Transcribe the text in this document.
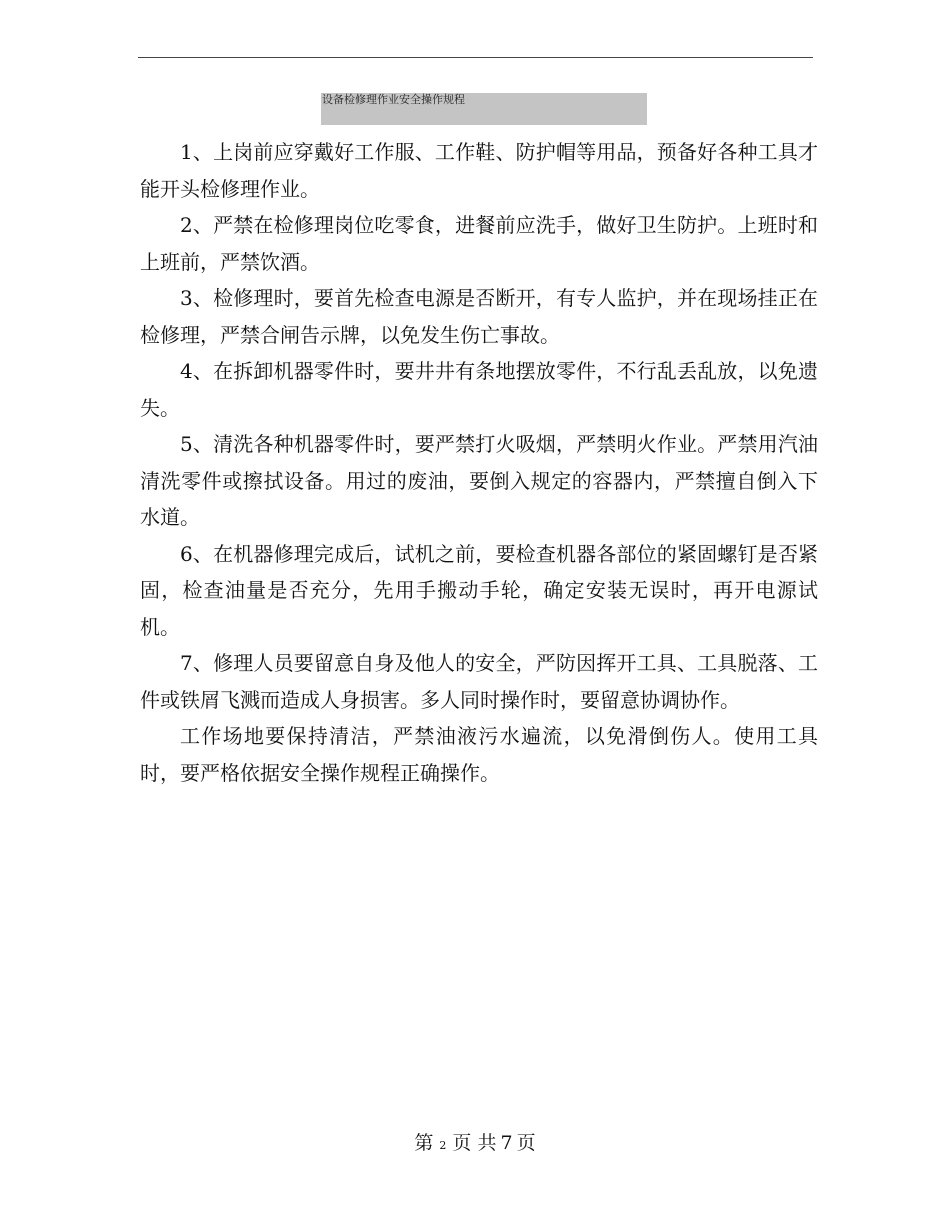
设备检修理作业安全操作规程

1、上岗前应穿戴好工作服、工作鞋、防护帽等用品，预备好各种工具才能开头检修理作业。

2、严禁在检修理岗位吃零食，进餐前应洗手，做好卫生防护。上班时和上班前，严禁饮酒。

3、检修理时，要首先检查电源是否断开，有专人监护，并在现场挂正在检修理，严禁合闸告示牌，以免发生伤亡事故。

4、在拆卸机器零件时，要井井有条地摆放零件，不行乱丢乱放，以免遗失。

5、清洗各种机器零件时，要严禁打火吸烟，严禁明火作业。严禁用汽油清洗零件或擦拭设备。用过的废油，要倒入规定的容器内，严禁擅自倒入下水道。

6、在机器修理完成后，试机之前，要检查机器各部位的紧固螺钉是否紧固，检查油量是否充分，先用手搬动手轮，确定安装无误时，再开电源试机。

7、修理人员要留意自身及他人的安全，严防因挥开工具、工具脱落、工件或铁屑飞溅而造成人身损害。多人同时操作时，要留意协调协作。

工作场地要保持清洁，严禁油液污水遍流，以免滑倒伤人。使用工具时，要严格依据安全操作规程正确操作。

第 2 页 共 7 页
